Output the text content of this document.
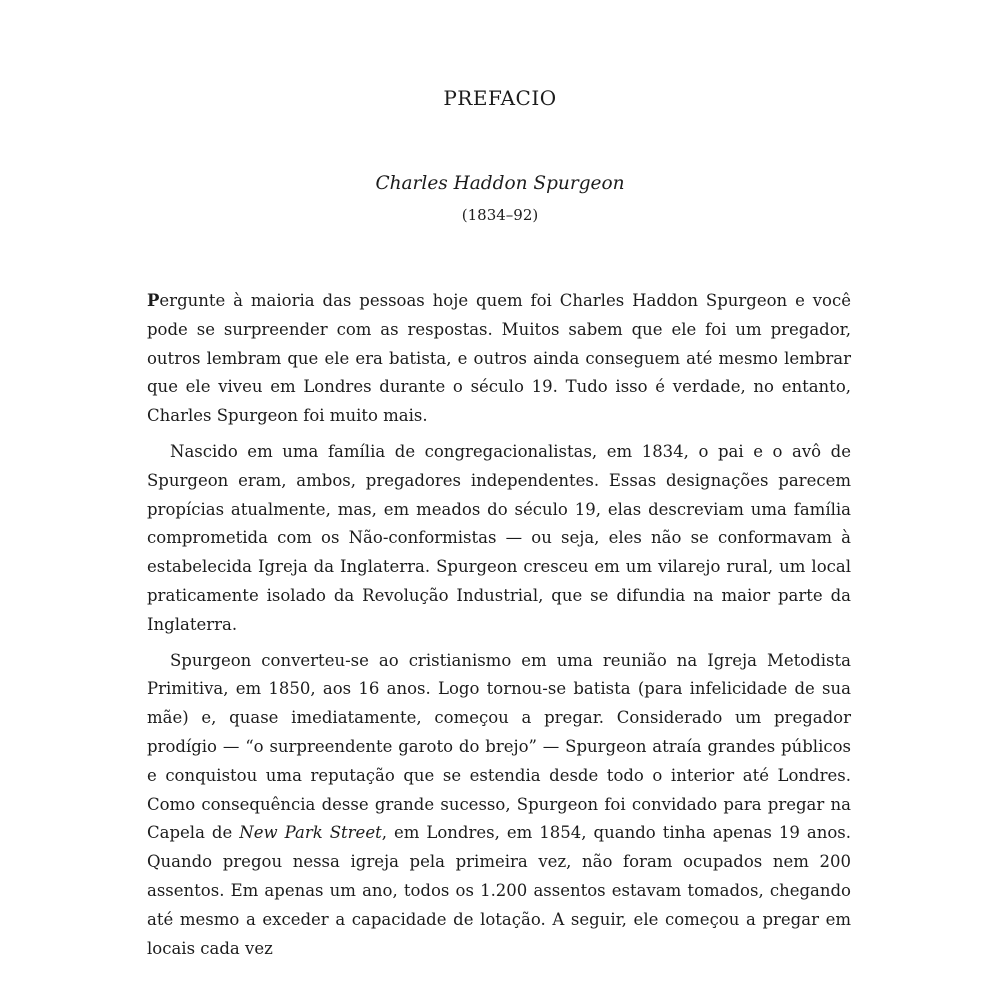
PREFACIO
Charles Haddon Spurgeon
(1834–92)

Pergunte à maioria das pessoas hoje quem foi Charles Haddon Spurgeon e você pode se surpreender com as respostas. Muitos sabem que ele foi um pregador, outros lembram que ele era batista, e outros ainda conseguem até mesmo lembrar que ele viveu em Londres durante o século 19. Tudo isso é verdade, no entanto, Charles Spurgeon foi muito mais.

Nascido em uma família de congregacionalistas, em 1834, o pai e o avô de Spurgeon eram, ambos, pregadores independentes. Essas designações parecem propícias atualmente, mas, em meados do século 19, elas descreviam uma família comprometida com os Não-conformistas — ou seja, eles não se conformavam à estabelecida Igreja da Inglaterra. Spurgeon cresceu em um vilarejo rural, um local praticamente isolado da Revolução Industrial, que se difundia na maior parte da Inglaterra.

Spurgeon converteu-se ao cristianismo em uma reunião na Igreja Metodista Primitiva, em 1850, aos 16 anos. Logo tornou-se batista (para infelicidade de sua mãe) e, quase imediatamente, começou a pregar. Considerado um pregador prodígio — “o surpreendente garoto do brejo” — Spurgeon atraía grandes públicos e conquistou uma reputação que se estendia desde todo o interior até Londres. Como consequência desse grande sucesso, Spurgeon foi convidado para pregar na Capela de New Park Street, em Londres, em 1854, quando tinha apenas 19 anos. Quando pregou nessa igreja pela primeira vez, não foram ocupados nem 200 assentos. Em apenas um ano, todos os 1.200 assentos estavam tomados, chegando até mesmo a exceder a capacidade de lotação. A seguir, ele começou a pregar em locais cada vez
